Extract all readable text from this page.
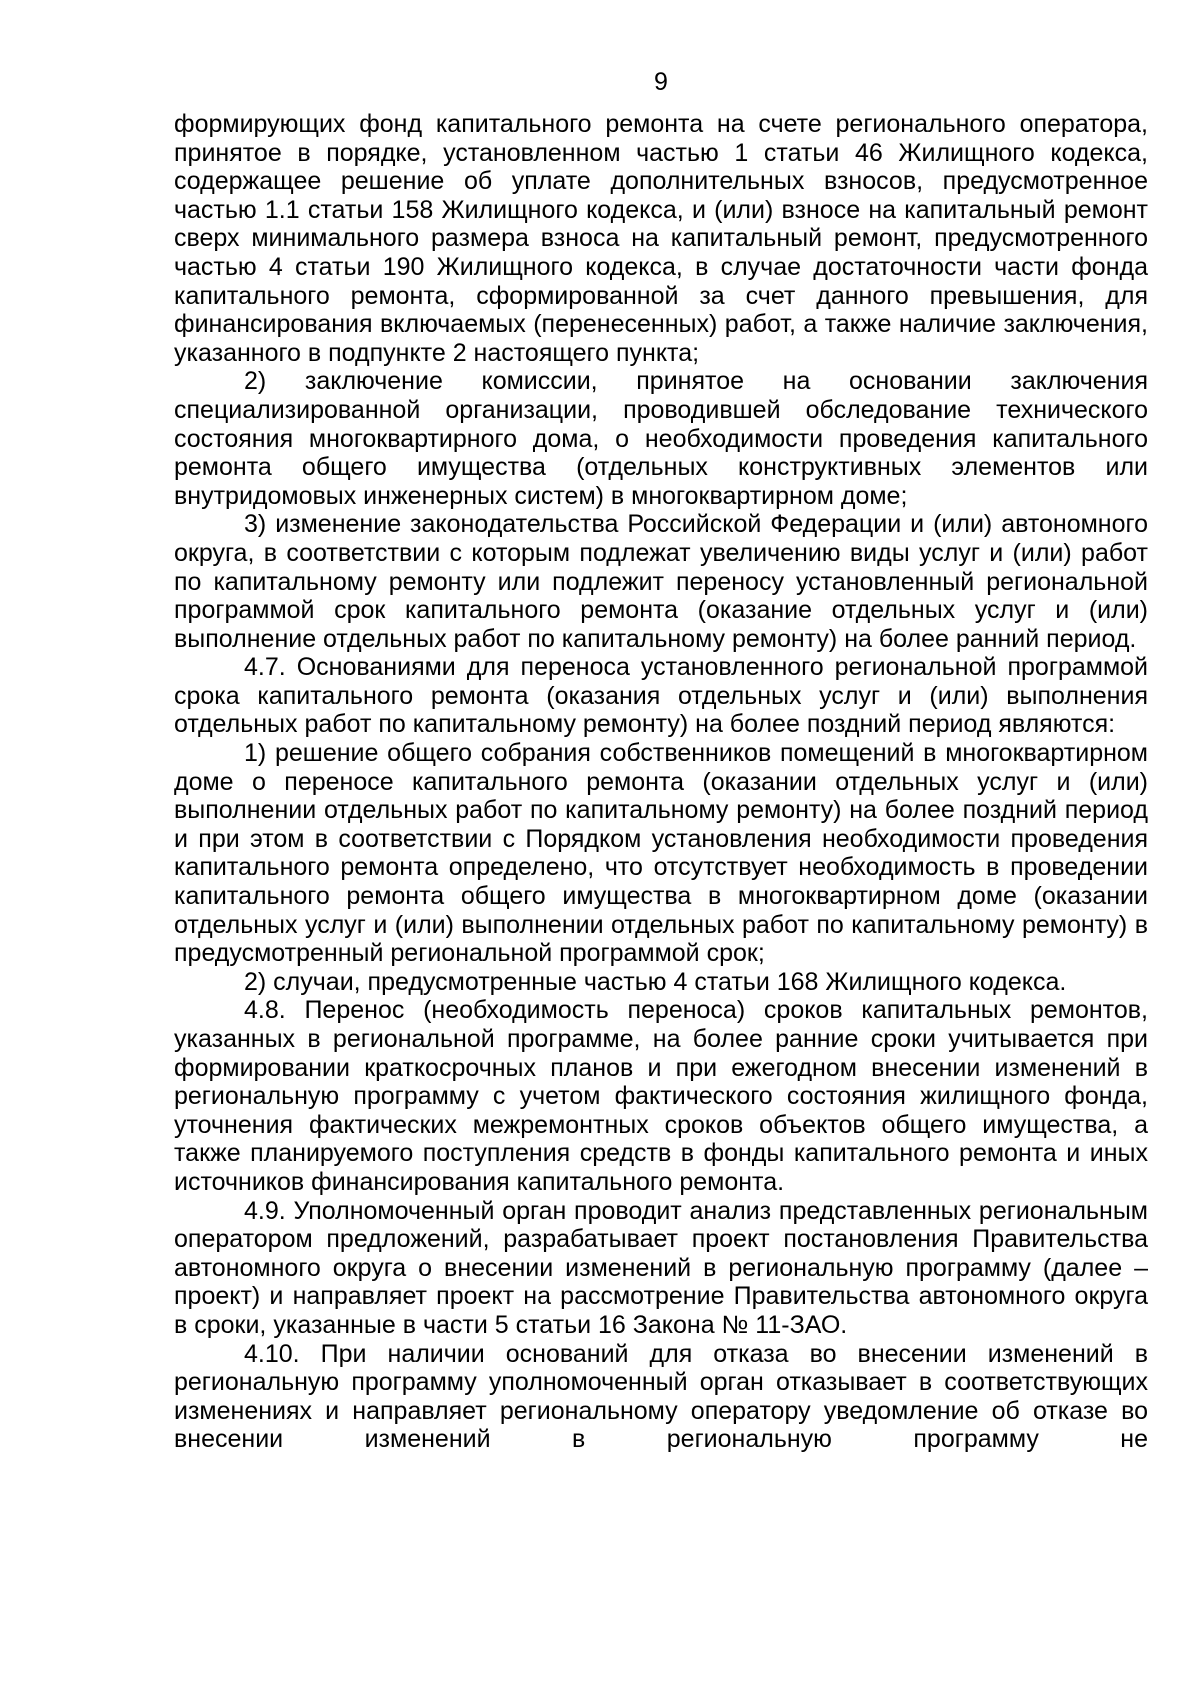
9

формирующих фонд капитального ремонта на счете регионального оператора, принятое в порядке, установленном частью 1 статьи 46 Жилищного кодекса, содержащее решение об уплате дополнительных взносов, предусмотренное частью 1.1 статьи 158 Жилищного кодекса, и (или) взносе на капитальный ремонт сверх минимального размера взноса на капитальный ремонт, предусмотренного частью 4 статьи 190 Жилищного кодекса, в случае достаточности части фонда капитального ремонта, сформированной за счет данного превышения, для финансирования включаемых (перенесенных) работ, а также наличие заключения, указанного в подпункте 2 настоящего пункта;

2) заключение комиссии, принятое на основании заключения специализированной организации, проводившей обследование технического состояния многоквартирного дома, о необходимости проведения капитального ремонта общего имущества (отдельных конструктивных элементов или внутридомовых инженерных систем) в многоквартирном доме;

3) изменение законодательства Российской Федерации и (или) автономного округа, в соответствии с которым подлежат увеличению виды услуг и (или) работ по капитальному ремонту или подлежит переносу установленный региональной программой срок капитального ремонта (оказание отдельных услуг и (или) выполнение отдельных работ по капитальному ремонту) на более ранний период.

4.7. Основаниями для переноса установленного региональной программой срока капитального ремонта (оказания отдельных услуг и (или) выполнения отдельных работ по капитальному ремонту) на более поздний период являются:

1) решение общего собрания собственников помещений в многоквартирном доме о переносе капитального ремонта (оказании отдельных услуг и (или) выполнении отдельных работ по капитальному ремонту) на более поздний период и при этом в соответствии с Порядком установления необходимости проведения капитального ремонта определено, что отсутствует необходимость в проведении капитального ремонта общего имущества в многоквартирном доме (оказании отдельных услуг и (или) выполнении отдельных работ по капитальному ремонту) в предусмотренный региональной программой срок;

2) случаи, предусмотренные частью 4 статьи 168 Жилищного кодекса.

4.8. Перенос (необходимость переноса) сроков капитальных ремонтов, указанных в региональной программе, на более ранние сроки учитывается при формировании краткосрочных планов и при ежегодном внесении изменений в региональную программу с учетом фактического состояния жилищного фонда, уточнения фактических межремонтных сроков объектов общего имущества, а также планируемого поступления средств в фонды капитального ремонта и иных источников финансирования капитального ремонта.

4.9. Уполномоченный орган проводит анализ представленных региональным оператором предложений, разрабатывает проект постановления Правительства автономного округа о внесении изменений в региональную программу (далее – проект) и направляет проект на рассмотрение Правительства автономного округа в сроки, указанные в части 5 статьи 16 Закона № 11-ЗАО.

4.10. При наличии оснований для отказа во внесении изменений в региональную программу уполномоченный орган отказывает в соответствующих изменениях и направляет региональному оператору уведомление об отказе во внесении изменений в региональную программу не
